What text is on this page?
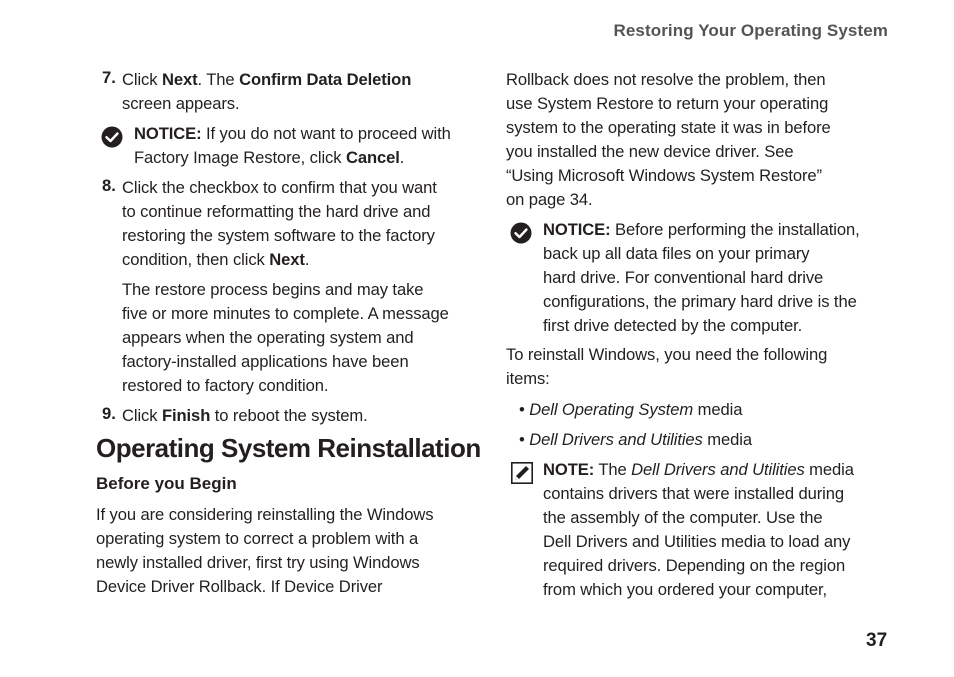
Restoring Your Operating System
7. Click Next. The Confirm Data Deletion
screen appears.
NOTICE: If you do not want to proceed with
Factory Image Restore, click Cancel.
8. Click the checkbox to confirm that you want
to continue reformatting the hard drive and
restoring the system software to the factory
condition, then click Next.
The restore process begins and may take
five or more minutes to complete. A message
appears when the operating system and
factory-installed applications have been
restored to factory condition.
9. Click Finish to reboot the system.
Operating System Reinstallation
Before you Begin
If you are considering reinstalling the Windows
operating system to correct a problem with a
newly installed driver, first try using Windows
Device Driver Rollback. If Device Driver
Rollback does not resolve the problem, then
use System Restore to return your operating
system to the operating state it was in before
you installed the new device driver. See
“Using Microsoft Windows System Restore”
on page 34.
NOTICE: Before performing the installation,
back up all data files on your primary
hard drive. For conventional hard drive
configurations, the primary hard drive is the
first drive detected by the computer.
To reinstall Windows, you need the following
items:
• Dell Operating System media
• Dell Drivers and Utilities media
NOTE: The Dell Drivers and Utilities media
contains drivers that were installed during
the assembly of the computer. Use the
Dell Drivers and Utilities media to load any
required drivers. Depending on the region
from which you ordered your computer,
37
